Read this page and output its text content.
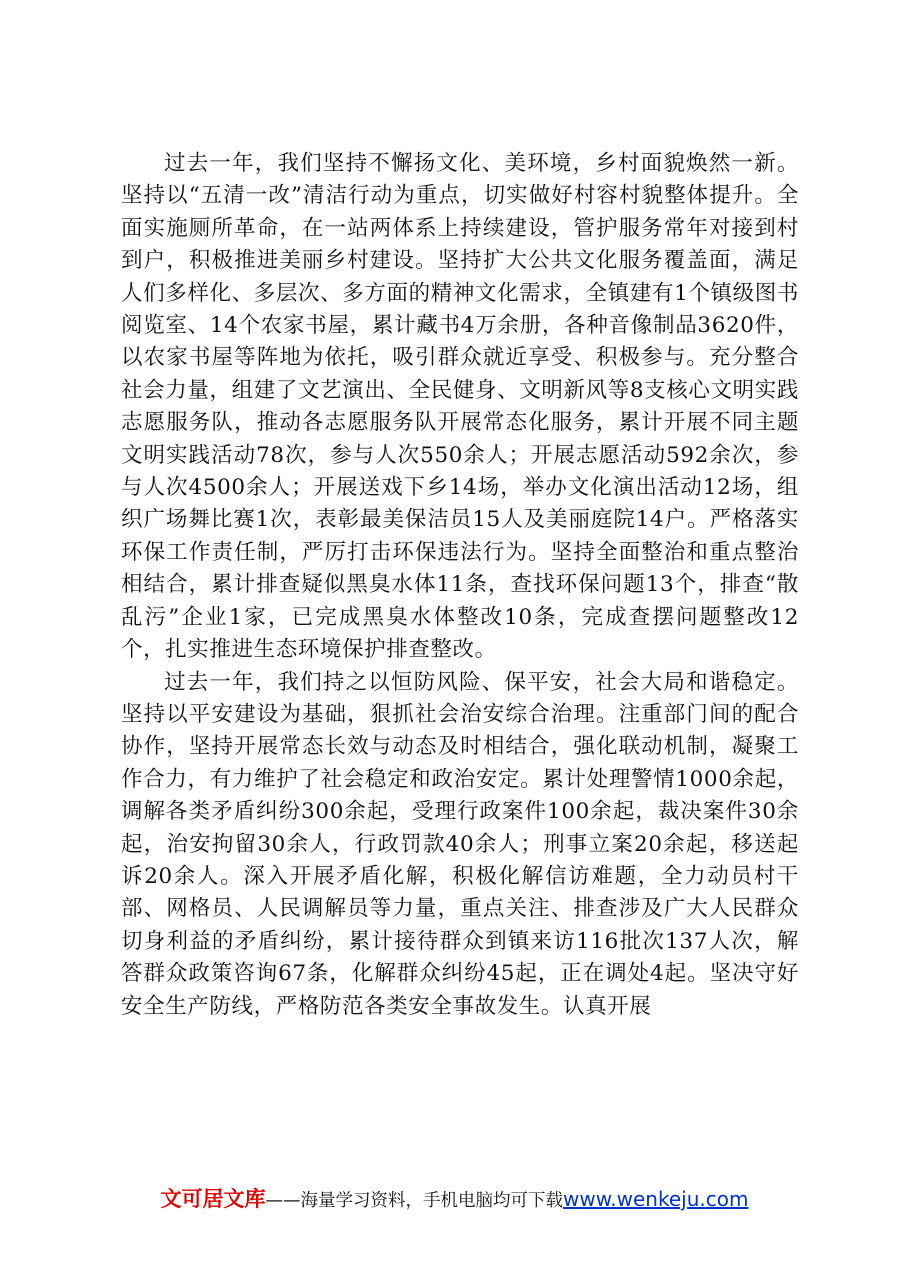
过去一年，我们坚持不懈扬文化、美环境，乡村面貌焕然一新。坚持以“五清一改”清洁行动为重点，切实做好村容村貌整体提升。全面实施厕所革命，在一站两体系上持续建设，管护服务常年对接到村到户，积极推进美丽乡村建设。坚持扩大公共文化服务覆盖面，满足人们多样化、多层次、多方面的精神文化需求，全镇建有1个镇级图书阅览室、14个农家书屋，累计藏书4万余册，各种音像制品3620件，以农家书屋等阵地为依托，吸引群众就近享受、积极参与。充分整合社会力量，组建了文艺演出、全民健身、文明新风等8支核心文明实践志愿服务队，推动各志愿服务队开展常态化服务，累计开展不同主题文明实践活动78次，参与人次550余人；开展志愿活动592余次，参与人次4500余人；开展送戏下乡14场，举办文化演出活动12场，组织广场舞比赛1次，表彰最美保洁员15人及美丽庭院14户。严格落实环保工作责任制，严厉打击环保违法行为。坚持全面整治和重点整治相结合，累计排查疑似黑臭水体11条，查找环保问题13个，排查“散乱污”企业1家，已完成黑臭水体整改10条，完成查摆问题整改12个，扎实推进生态环境保护排查整改。

过去一年，我们持之以恒防风险、保平安，社会大局和谐稳定。坚持以平安建设为基础，狠抓社会治安综合治理。注重部门间的配合协作，坚持开展常态长效与动态及时相结合，强化联动机制，凝聚工作合力，有力维护了社会稳定和政治安定。累计处理警情1000余起，调解各类矛盾纠纷300余起，受理行政案件100余起，裁决案件30余起，治安拘留30余人，行政罚款40余人；刑事立案20余起，移送起诉20余人。深入开展矛盾化解，积极化解信访难题，全力动员村干部、网格员、人民调解员等力量，重点关注、排查涉及广大人民群众切身利益的矛盾纠纷，累计接待群众到镇来访116批次137人次，解答群众政策咨询67条，化解群众纠纷45起，正在调处4起。坚决守好安全生产防线，严格防范各类安全事故发生。认真开展

文可居文库——海量学习资料，手机电脑均可下载www.wenkeju.com
